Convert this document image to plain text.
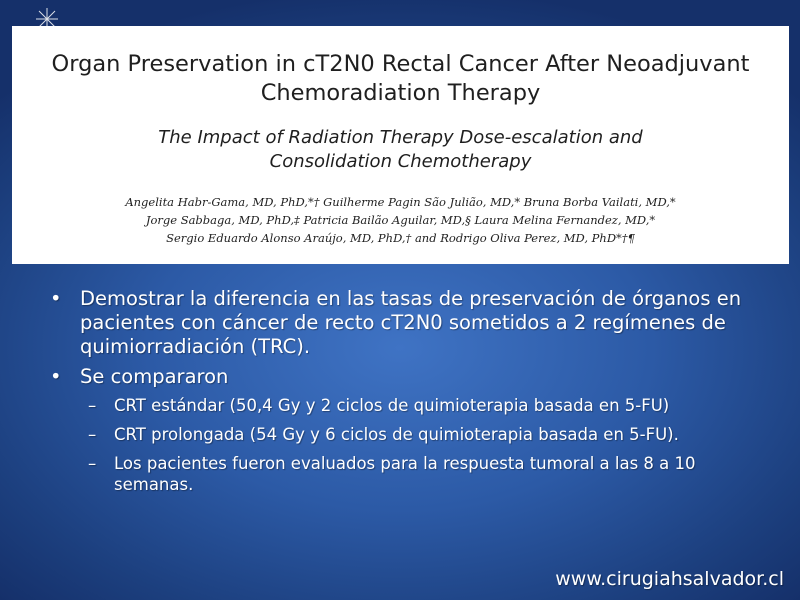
Organ Preservation in cT2N0 Rectal Cancer After Neoadjuvant
Chemoradiation Therapy
The Impact of Radiation Therapy Dose-escalation and
Consolidation Chemotherapy
Angelita Habr-Gama, MD, PhD,*† Guilherme Pagin São Julião, MD,* Bruna Borba Vailati, MD,*
Jorge Sabbaga, MD, PhD,‡ Patricia Bailão Aguilar, MD,§ Laura Melina Fernandez, MD,*
Sergio Eduardo Alonso Araújo, MD, PhD,† and Rodrigo Oliva Perez, MD, PhD*†¶
• Demostrar la diferencia en las tasas de preservación de órganos en pacientes con cáncer de recto cT2N0 sometidos a 2 regímenes de quimiorradiación (TRC).
• Se compararon
– CRT estándar (50,4 Gy y 2 ciclos de quimioterapia basada en 5-FU)
– CRT prolongada (54 Gy y 6 ciclos de quimioterapia basada en 5-FU).
– Los pacientes fueron evaluados para la respuesta tumoral a las 8 a 10 semanas.
www.cirugiahsalvador.cl
